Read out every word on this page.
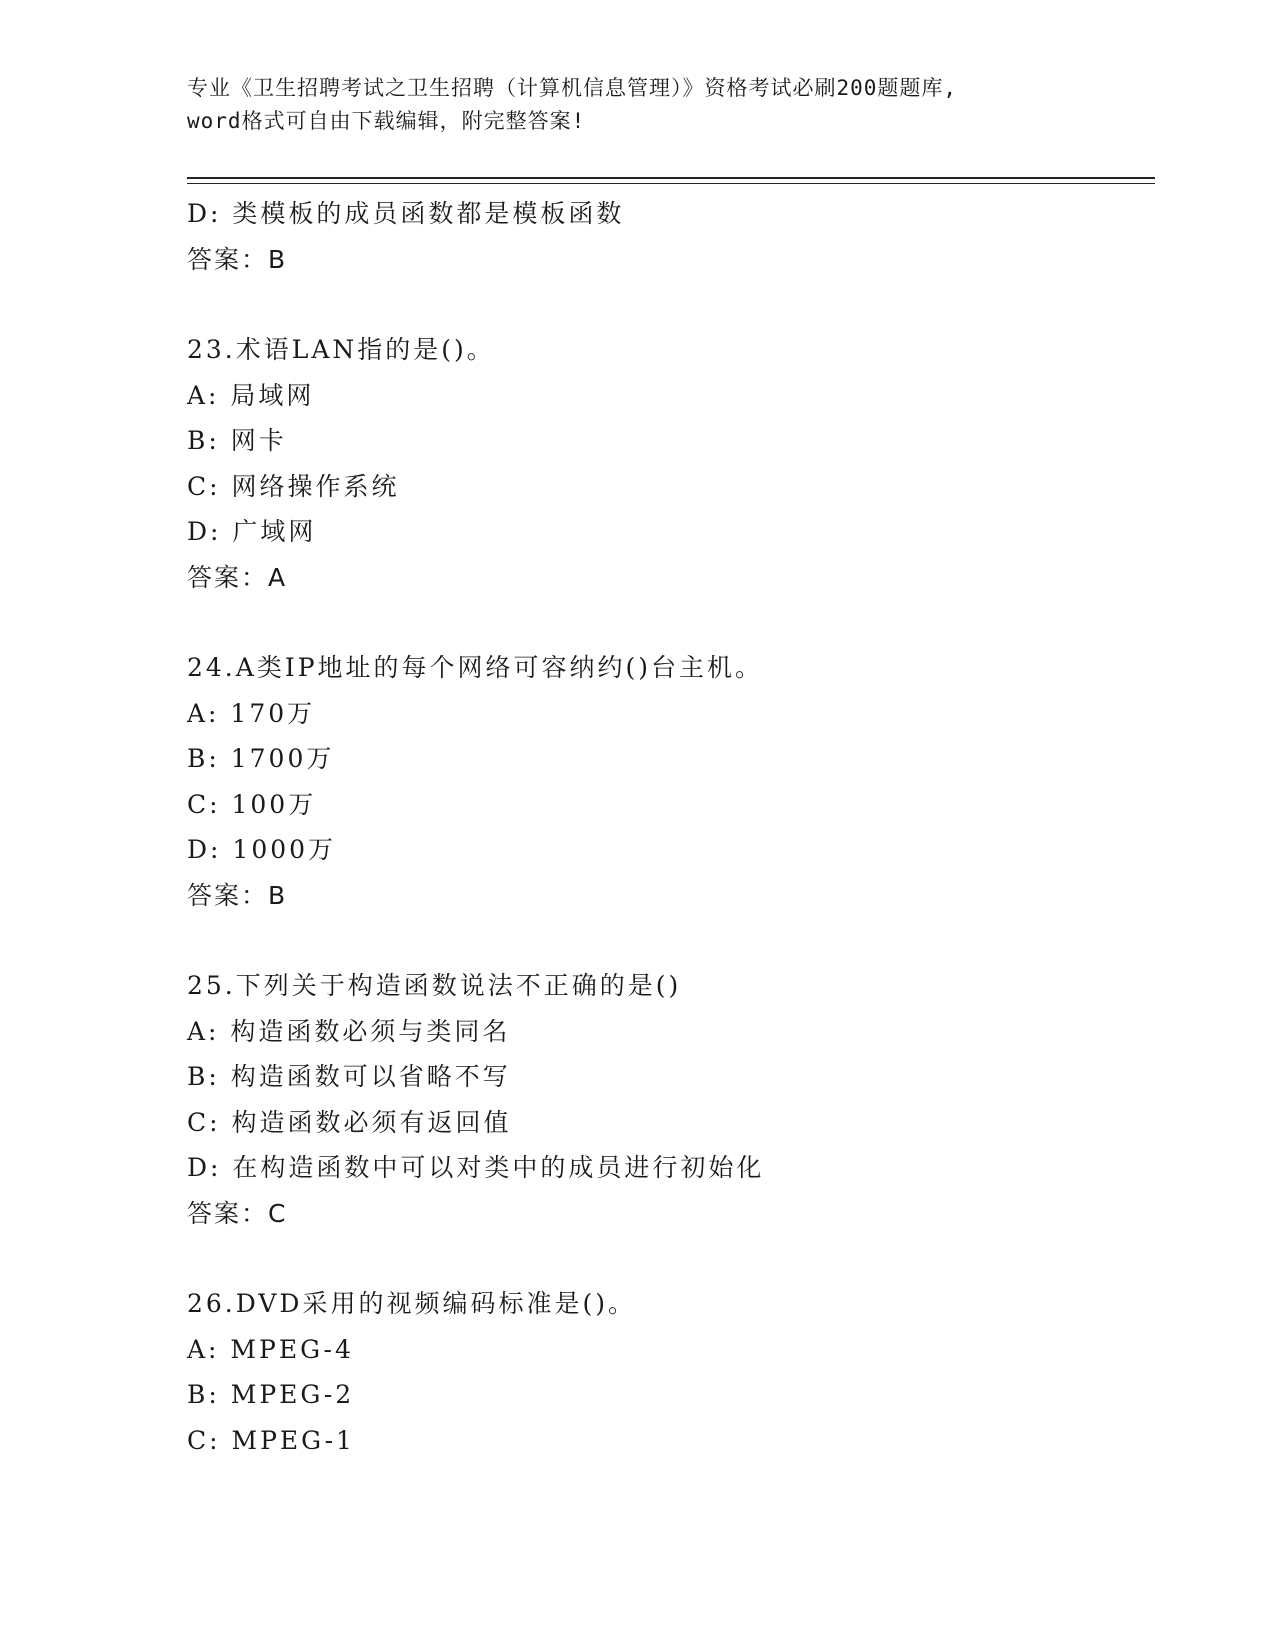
专业《卫生招聘考试之卫生招聘（计算机信息管理）》资格考试必刷200题题库,
word格式可自由下载编辑，附完整答案!
D: 类模板的成员函数都是模板函数
答案：B
23.术语LAN指的是()。
A: 局域网
B: 网卡
C: 网络操作系统
D: 广域网
答案：A
24.A类IP地址的每个网络可容纳约()台主机。
A: 170万
B: 1700万
C: 100万
D: 1000万
答案：B
25.下列关于构造函数说法不正确的是()
A: 构造函数必须与类同名
B: 构造函数可以省略不写
C: 构造函数必须有返回值
D: 在构造函数中可以对类中的成员进行初始化
答案：C
26.DVD采用的视频编码标准是()。
A: MPEG-4
B: MPEG-2
C: MPEG-1
